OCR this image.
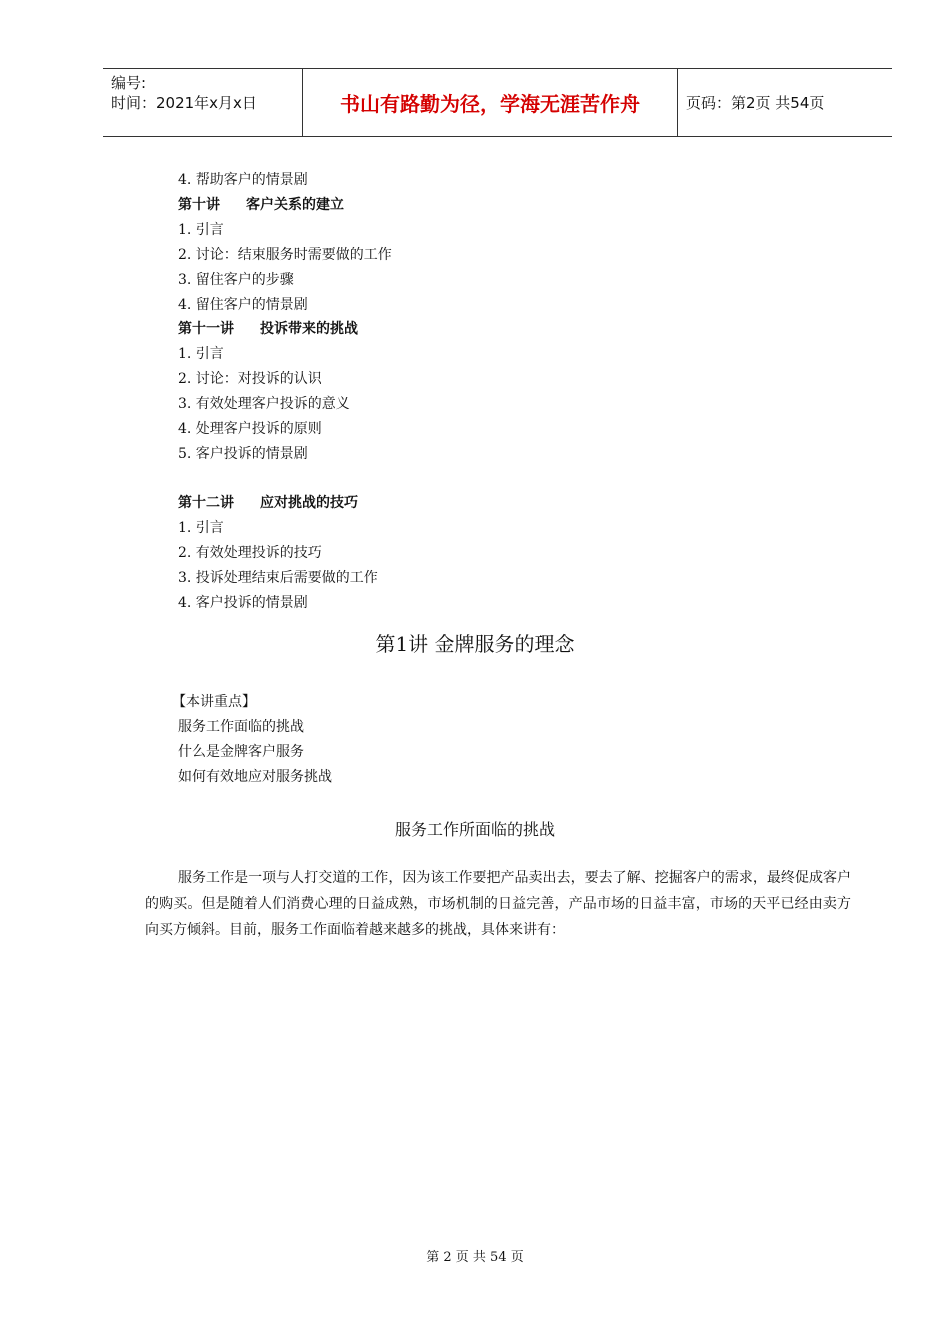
编号:
时间：2021年x月x日	书山有路勤为径，学海无涯苦作舟	页码：第2页 共54页
4. 帮助客户的情景剧
第十讲 客户关系的建立
1. 引言
2. 讨论：结束服务时需要做的工作
3. 留住客户的步骤
4. 留住客户的情景剧
第十一讲 投诉带来的挑战
1. 引言
2. 讨论：对投诉的认识
3. 有效处理客户投诉的意义
4. 处理客户投诉的原则
5. 客户投诉的情景剧
第十二讲 应对挑战的技巧
1. 引言
2. 有效处理投诉的技巧
3. 投诉处理结束后需要做的工作
4. 客户投诉的情景剧
第1讲 金牌服务的理念
【本讲重点】
服务工作面临的挑战
什么是金牌客户服务
如何有效地应对服务挑战
服务工作所面临的挑战
服务工作是一项与人打交道的工作，因为该工作要把产品卖出去，要去了解、挖掘客户的需求，最终促成客户的购买。但是随着人们消费心理的日益成熟，市场机制的日益完善，产品市场的日益丰富，市场的天平已经由卖方向买方倾斜。目前，服务工作面临着越来越多的挑战，具体来讲有：
第 2 页 共 54 页
